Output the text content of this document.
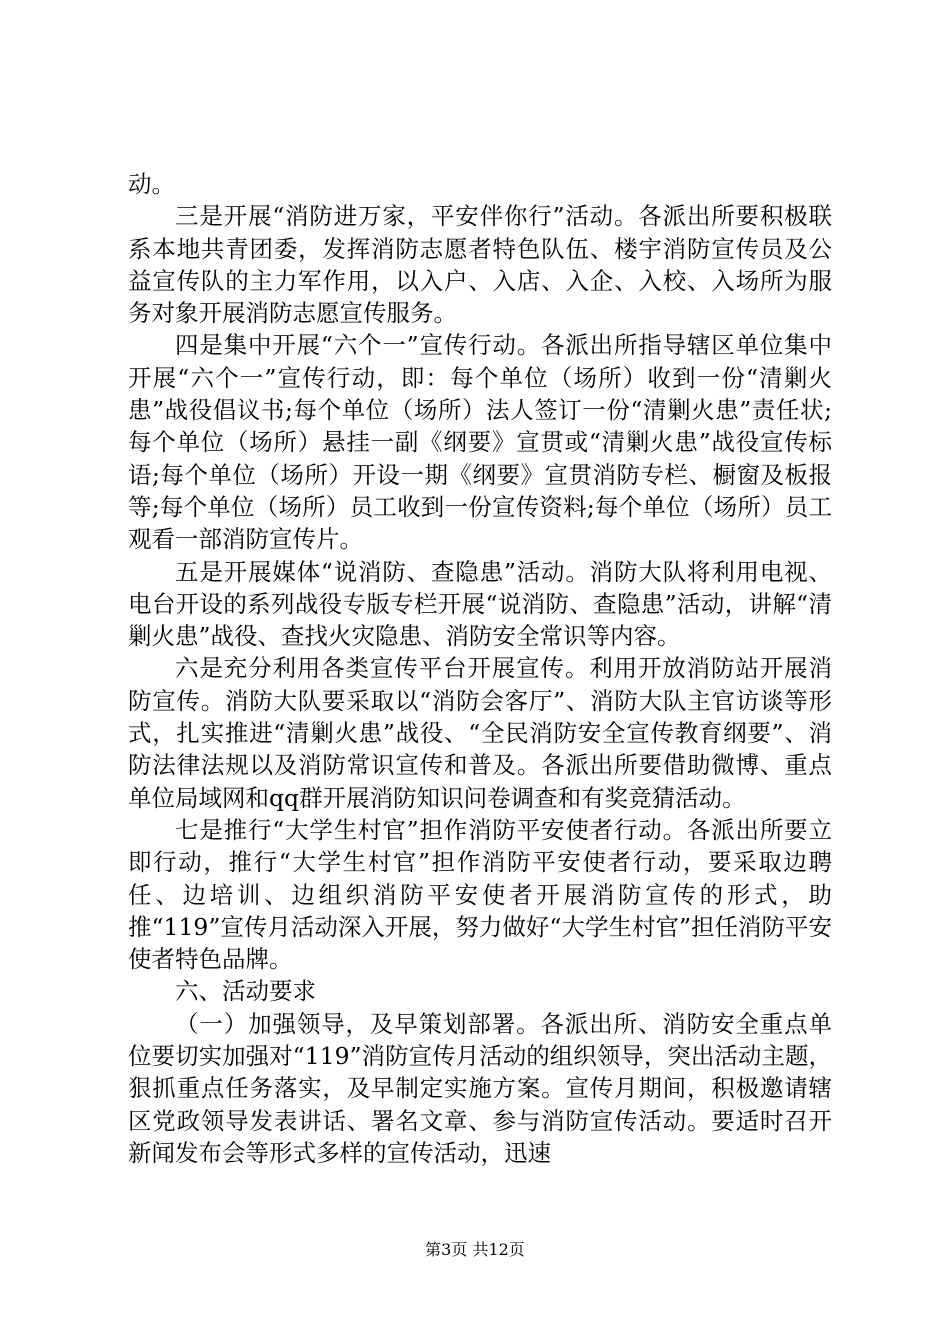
动。

三是开展“消防进万家，平安伴你行”活动。各派出所要积极联系本地共青团委，发挥消防志愿者特色队伍、楼宇消防宣传员及公益宣传队的主力军作用，以入户、入店、入企、入校、入场所为服务对象开展消防志愿宣传服务。

四是集中开展“六个一”宣传行动。各派出所指导辖区单位集中开展“六个一”宣传行动，即：每个单位（场所）收到一份“清剿火患”战役倡议书;每个单位（场所）法人签订一份“清剿火患”责任状;每个单位（场所）悬挂一副《纲要》宣贯或“清剿火患”战役宣传标语;每个单位（场所）开设一期《纲要》宣贯消防专栏、橱窗及板报等;每个单位（场所）员工收到一份宣传资料;每个单位（场所）员工观看一部消防宣传片。

五是开展媒体“说消防、查隐患”活动。消防大队将利用电视、电台开设的系列战役专版专栏开展“说消防、查隐患”活动，讲解“清剿火患”战役、查找火灾隐患、消防安全常识等内容。

六是充分利用各类宣传平台开展宣传。利用开放消防站开展消防宣传。消防大队要采取以“消防会客厅”、消防大队主官访谈等形式，扎实推进“清剿火患”战役、“全民消防安全宣传教育纲要”、消防法律法规以及消防常识宣传和普及。各派出所要借助微博、重点单位局域网和qq群开展消防知识问卷调查和有奖竞猜活动。

七是推行“大学生村官”担作消防平安使者行动。各派出所要立即行动，推行“大学生村官”担作消防平安使者行动，要采取边聘任、边培训、边组织消防平安使者开展消防宣传的形式，助推“119”宣传月活动深入开展，努力做好“大学生村官”担任消防平安使者特色品牌。

六、活动要求

（一）加强领导，及早策划部署。各派出所、消防安全重点单位要切实加强对“119”消防宣传月活动的组织领导，突出活动主题，狠抓重点任务落实，及早制定实施方案。宣传月期间，积极邀请辖区党政领导发表讲话、署名文章、参与消防宣传活动。要适时召开新闻发布会等形式多样的宣传活动，迅速

第3页 共12页
